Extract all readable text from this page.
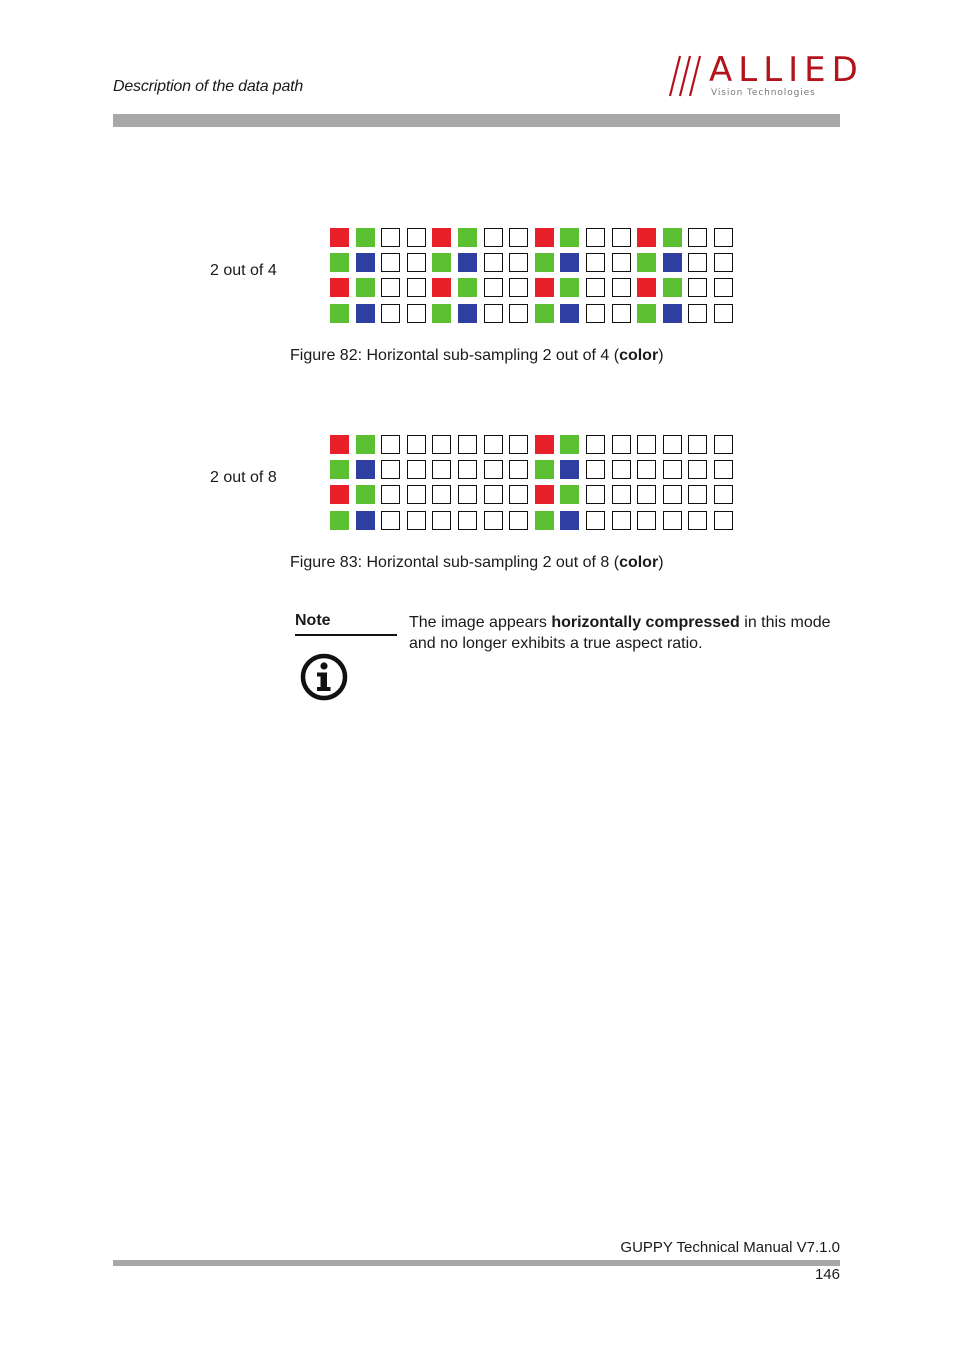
Description of the data path	ALLIED
Vision Technologies
2 out of 4
Figure 82: Horizontal sub-sampling 2 out of 4 (color)
2 out of 8
Figure 83: Horizontal sub-sampling 2 out of 8 (color)
Note	The image appears horizontally compressed in this mode and no longer exhibits a true aspect ratio.
GUPPY Technical Manual V7.1.0
146
